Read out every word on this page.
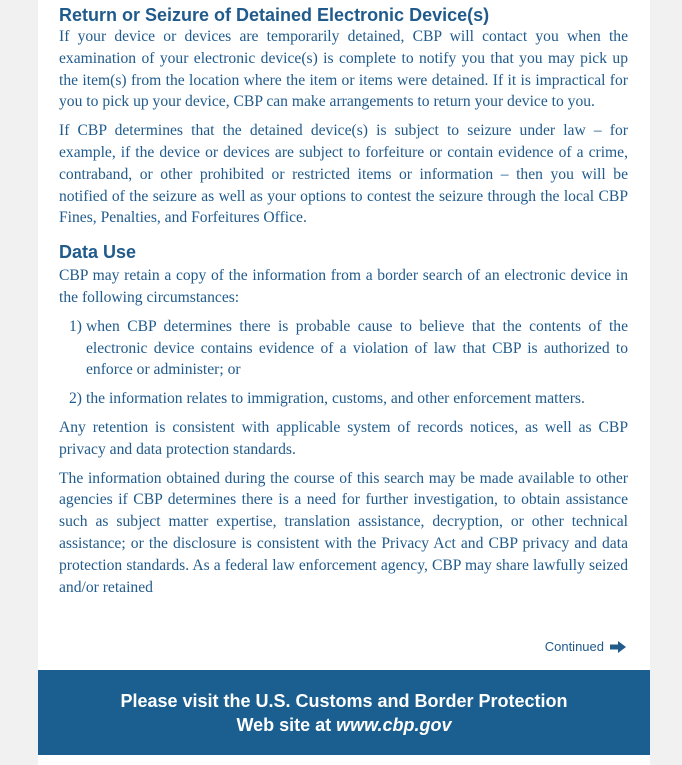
Return or Seizure of Detained Electronic Device(s)

If your device or devices are temporarily detained, CBP will contact you when the examination of your electronic device(s) is complete to notify you that you may pick up the item(s) from the location where the item or items were detained. If it is impractical for you to pick up your device, CBP can make arrangements to return your device to you.

If CBP determines that the detained device(s) is subject to seizure under law – for example, if the device or devices are subject to forfeiture or contain evidence of a crime, contraband, or other prohibited or restricted items or information – then you will be notified of the seizure as well as your options to contest the seizure through the local CBP Fines, Penalties, and Forfeitures Office.

Data Use

CBP may retain a copy of the information from a border search of an electronic device in the following circumstances:

1) when CBP determines there is probable cause to believe that the contents of the electronic device contains evidence of a violation of law that CBP is authorized to enforce or administer; or
2) the information relates to immigration, customs, and other enforcement matters.

Any retention is consistent with applicable system of records notices, as well as CBP privacy and data protection standards.

The information obtained during the course of this search may be made available to other agencies if CBP determines there is a need for further investigation, to obtain assistance such as subject matter expertise, translation assistance, decryption, or other technical assistance; or the disclosure is consistent with the Privacy Act and CBP privacy and data protection standards. As a federal law enforcement agency, CBP may share lawfully seized and/or retained

Continued
Please visit the U.S. Customs and Border Protection
Web site at www.cbp.gov
